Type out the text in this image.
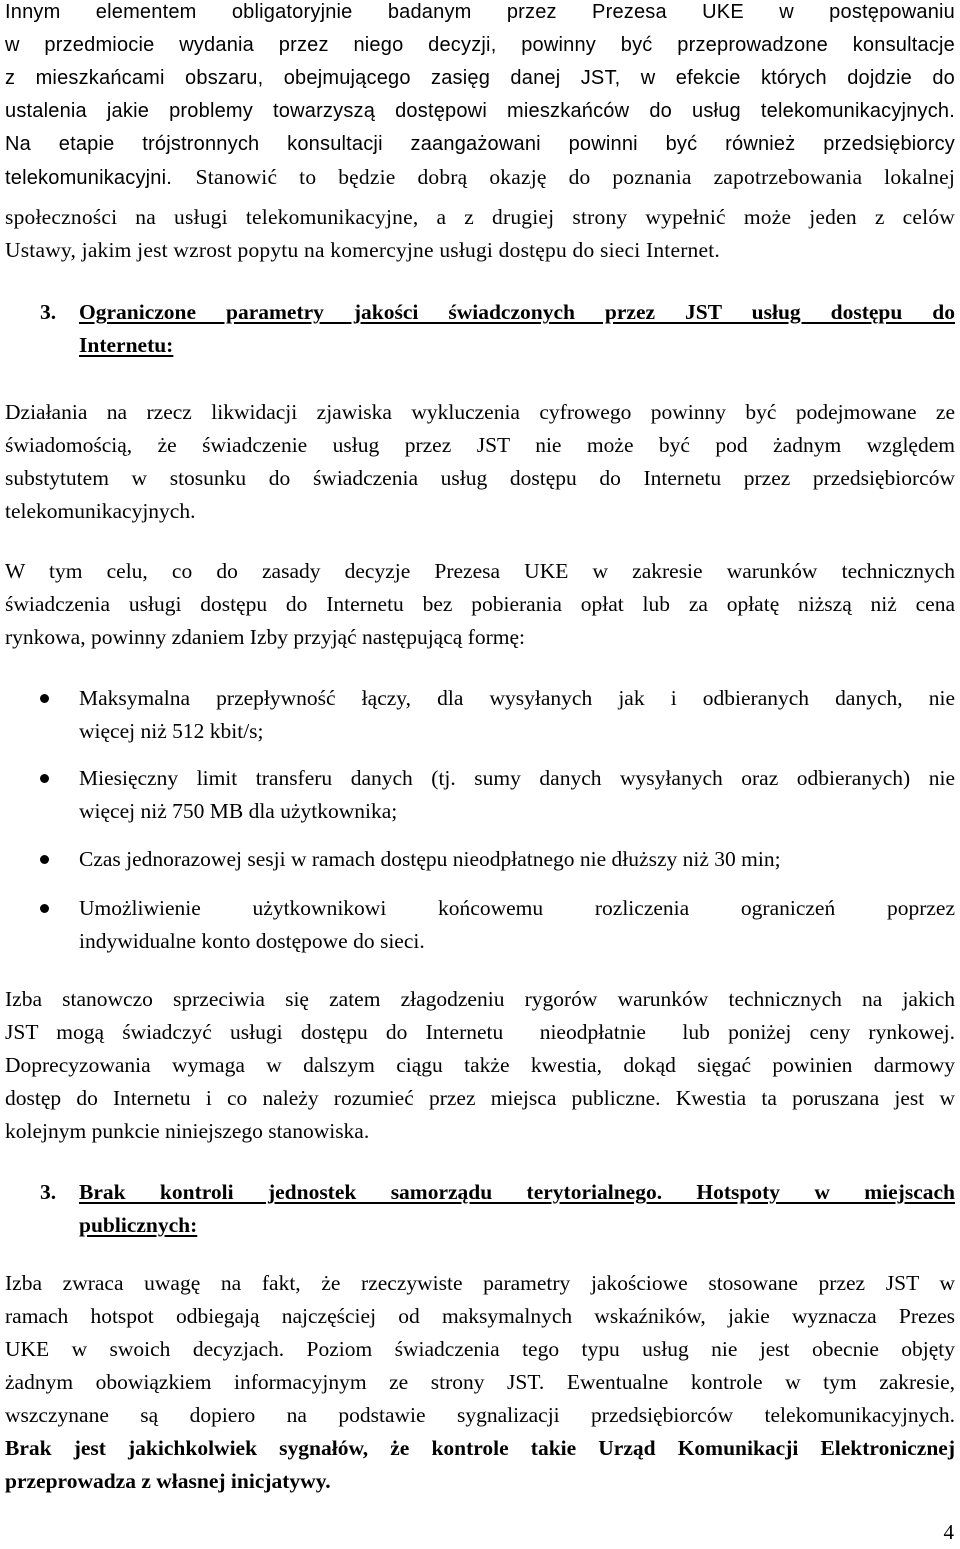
Innym elementem obligatoryjnie badanym przez Prezesa UKE w postępowaniu
w przedmiocie wydania przez niego decyzji, powinny być przeprowadzone konsultacje
z mieszkańcami obszaru, obejmującego zasięg danej JST, w efekcie których dojdzie do
ustalenia jakie problemy towarzyszą dostępowi mieszkańców do usług telekomunikacyjnych.
Na etapie trójstronnych konsultacji zaangażowani powinni być również przedsiębiorcy
telekomunikacyjni. Stanowić to będzie dobrą okazję do poznania zapotrzebowania lokalnej
społeczności na usługi telekomunikacyjne, a z drugiej strony wypełnić może jeden z celów
Ustawy, jakim jest wzrost popytu na komercyjne usługi dostępu do sieci Internet.
3. Ograniczone parametry jakości świadczonych przez JST usług dostępu do
Internetu:
Działania na rzecz likwidacji zjawiska wykluczenia cyfrowego powinny być podejmowane ze
świadomością, że świadczenie usług przez JST nie może być pod żadnym względem
substytutem w stosunku do świadczenia usług dostępu do Internetu przez przedsiębiorców
telekomunikacyjnych.
W tym celu, co do zasady decyzje Prezesa UKE w zakresie warunków technicznych
świadczenia usługi dostępu do Internetu bez pobierania opłat lub za opłatę niższą niż cena
rynkowa, powinny zdaniem Izby przyjąć następującą formę:
Maksymalna przepływność łączy, dla wysyłanych jak i odbieranych danych, nie
więcej niż 512 kbit/s;
Miesięczny limit transferu danych (tj. sumy danych wysyłanych oraz odbieranych) nie
więcej niż 750 MB dla użytkownika;
Czas jednorazowej sesji w ramach dostępu nieodpłatnego nie dłuższy niż 30 min;
Umożliwienie użytkownikowi końcowemu rozliczenia ograniczeń poprzez
indywidualne konto dostępowe do sieci.
Izba stanowczo sprzeciwia się zatem złagodzeniu rygorów warunków technicznych na jakich
JST mogą świadczyć usługi dostępu do Internetu  nieodpłatnie  lub poniżej ceny rynkowej.
Doprecyzowania wymaga w dalszym ciągu także kwestia, dokąd sięgać powinien darmowy
dostęp do Internetu i co należy rozumieć przez miejsca publiczne. Kwestia ta poruszana jest w
kolejnym punkcie niniejszego stanowiska.
3. Brak kontroli jednostek samorządu terytorialnego. Hotspoty w miejscach
publicznych:
Izba zwraca uwagę na fakt, że rzeczywiste parametry jakościowe stosowane przez JST w
ramach hotspot odbiegają najczęściej od maksymalnych wskaźników, jakie wyznacza Prezes
UKE w swoich decyzjach. Poziom świadczenia tego typu usług nie jest obecnie objęty
żadnym obowiązkiem informacyjnym ze strony JST. Ewentualne kontrole w tym zakresie,
wszczynane są dopiero na podstawie sygnalizacji przedsiębiorców telekomunikacyjnych.
Brak jest jakichkolwiek sygnałów, że kontrole takie Urząd Komunikacji Elektronicznej
przeprowadza z własnej inicjatywy.
4
